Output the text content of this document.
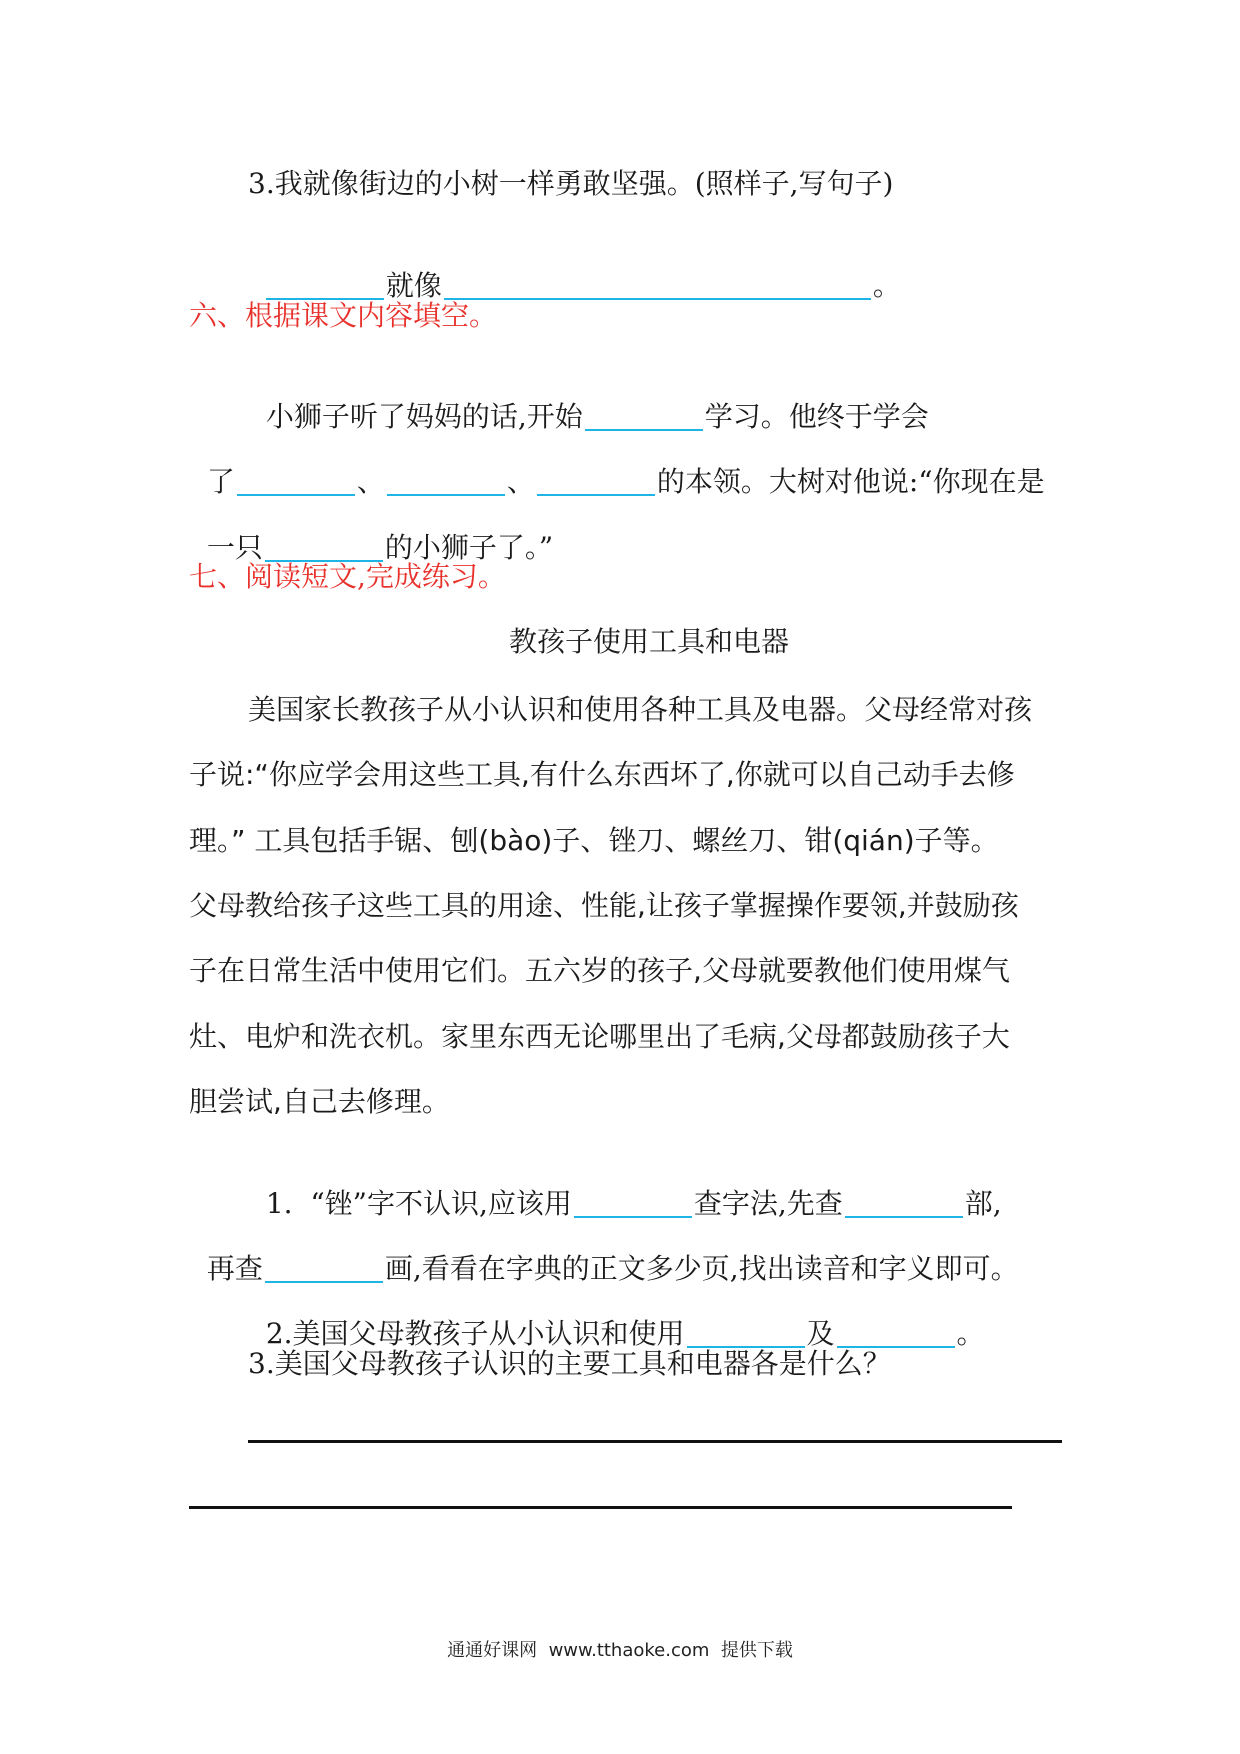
3.我就像街边的小树一样勇敢坚强。(照样子,写句子)

就像	。

六、根据课文内容填空。

小狮子听了妈妈的话,开始	学习。他终于学会

了	、	、	的本领。大树对他说:“你现在是

一只	的小狮子了。”

七、阅读短文,完成练习。
教孩子使用工具和电器
美国家长教孩子从小认识和使用各种工具及电器。父母经常对孩
子说:“你应学会用这些工具,有什么东西坏了,你就可以自己动手去修
理。” 工具包括手锯、刨(bào)子、锉刀、螺丝刀、钳(qián)子等。
父母教给孩子这些工具的用途、性能,让孩子掌握操作要领,并鼓励孩
子在日常生活中使用它们。五六岁的孩子,父母就要教他们使用煤气
灶、电炉和洗衣机。家里东西无论哪里出了毛病,父母都鼓励孩子大
胆尝试,自己去修理。

1.  “锉”字不认识,应该用	查字法,先查	部,

再查	画,看看在字典的正文多少页,找出读音和字义即可。

2.美国父母教孩子从小认识和使用	及	。

3.美国父母教孩子认识的主要工具和电器各是什么？
通通好课网  www.tthaoke.com  提供下载
